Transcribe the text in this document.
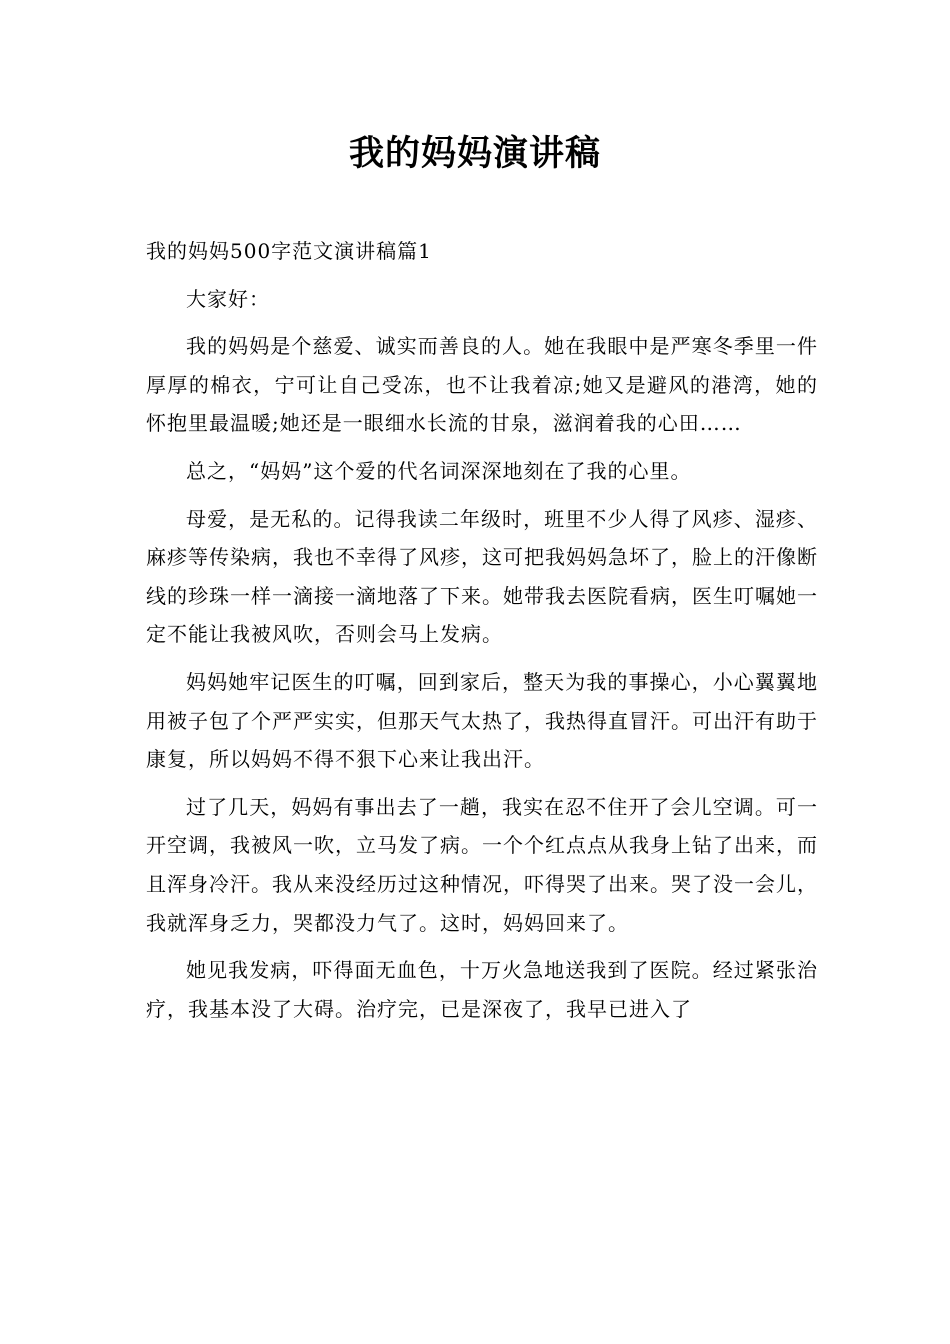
我的妈妈演讲稿

我的妈妈500字范文演讲稿篇1

大家好：

我的妈妈是个慈爱、诚实而善良的人。她在我眼中是严寒冬季里一件厚厚的棉衣，宁可让自己受冻，也不让我着凉;她又是避风的港湾，她的怀抱里最温暖;她还是一眼细水长流的甘泉，滋润着我的心田……

总之，“妈妈”这个爱的代名词深深地刻在了我的心里。

母爱，是无私的。记得我读二年级时，班里不少人得了风疹、湿疹、麻疹等传染病，我也不幸得了风疹，这可把我妈妈急坏了，脸上的汗像断线的珍珠一样一滴接一滴地落了下来。她带我去医院看病，医生叮嘱她一定不能让我被风吹，否则会马上发病。

妈妈她牢记医生的叮嘱，回到家后，整天为我的事操心，小心翼翼地用被子包了个严严实实，但那天气太热了，我热得直冒汗。可出汗有助于康复，所以妈妈不得不狠下心来让我出汗。

过了几天，妈妈有事出去了一趟，我实在忍不住开了会儿空调。可一开空调，我被风一吹，立马发了病。一个个红点点从我身上钻了出来，而且浑身冷汗。我从来没经历过这种情况，吓得哭了出来。哭了没一会儿，我就浑身乏力，哭都没力气了。这时，妈妈回来了。

她见我发病，吓得面无血色，十万火急地送我到了医院。经过紧张治疗，我基本没了大碍。治疗完，已是深夜了，我早已进入了
